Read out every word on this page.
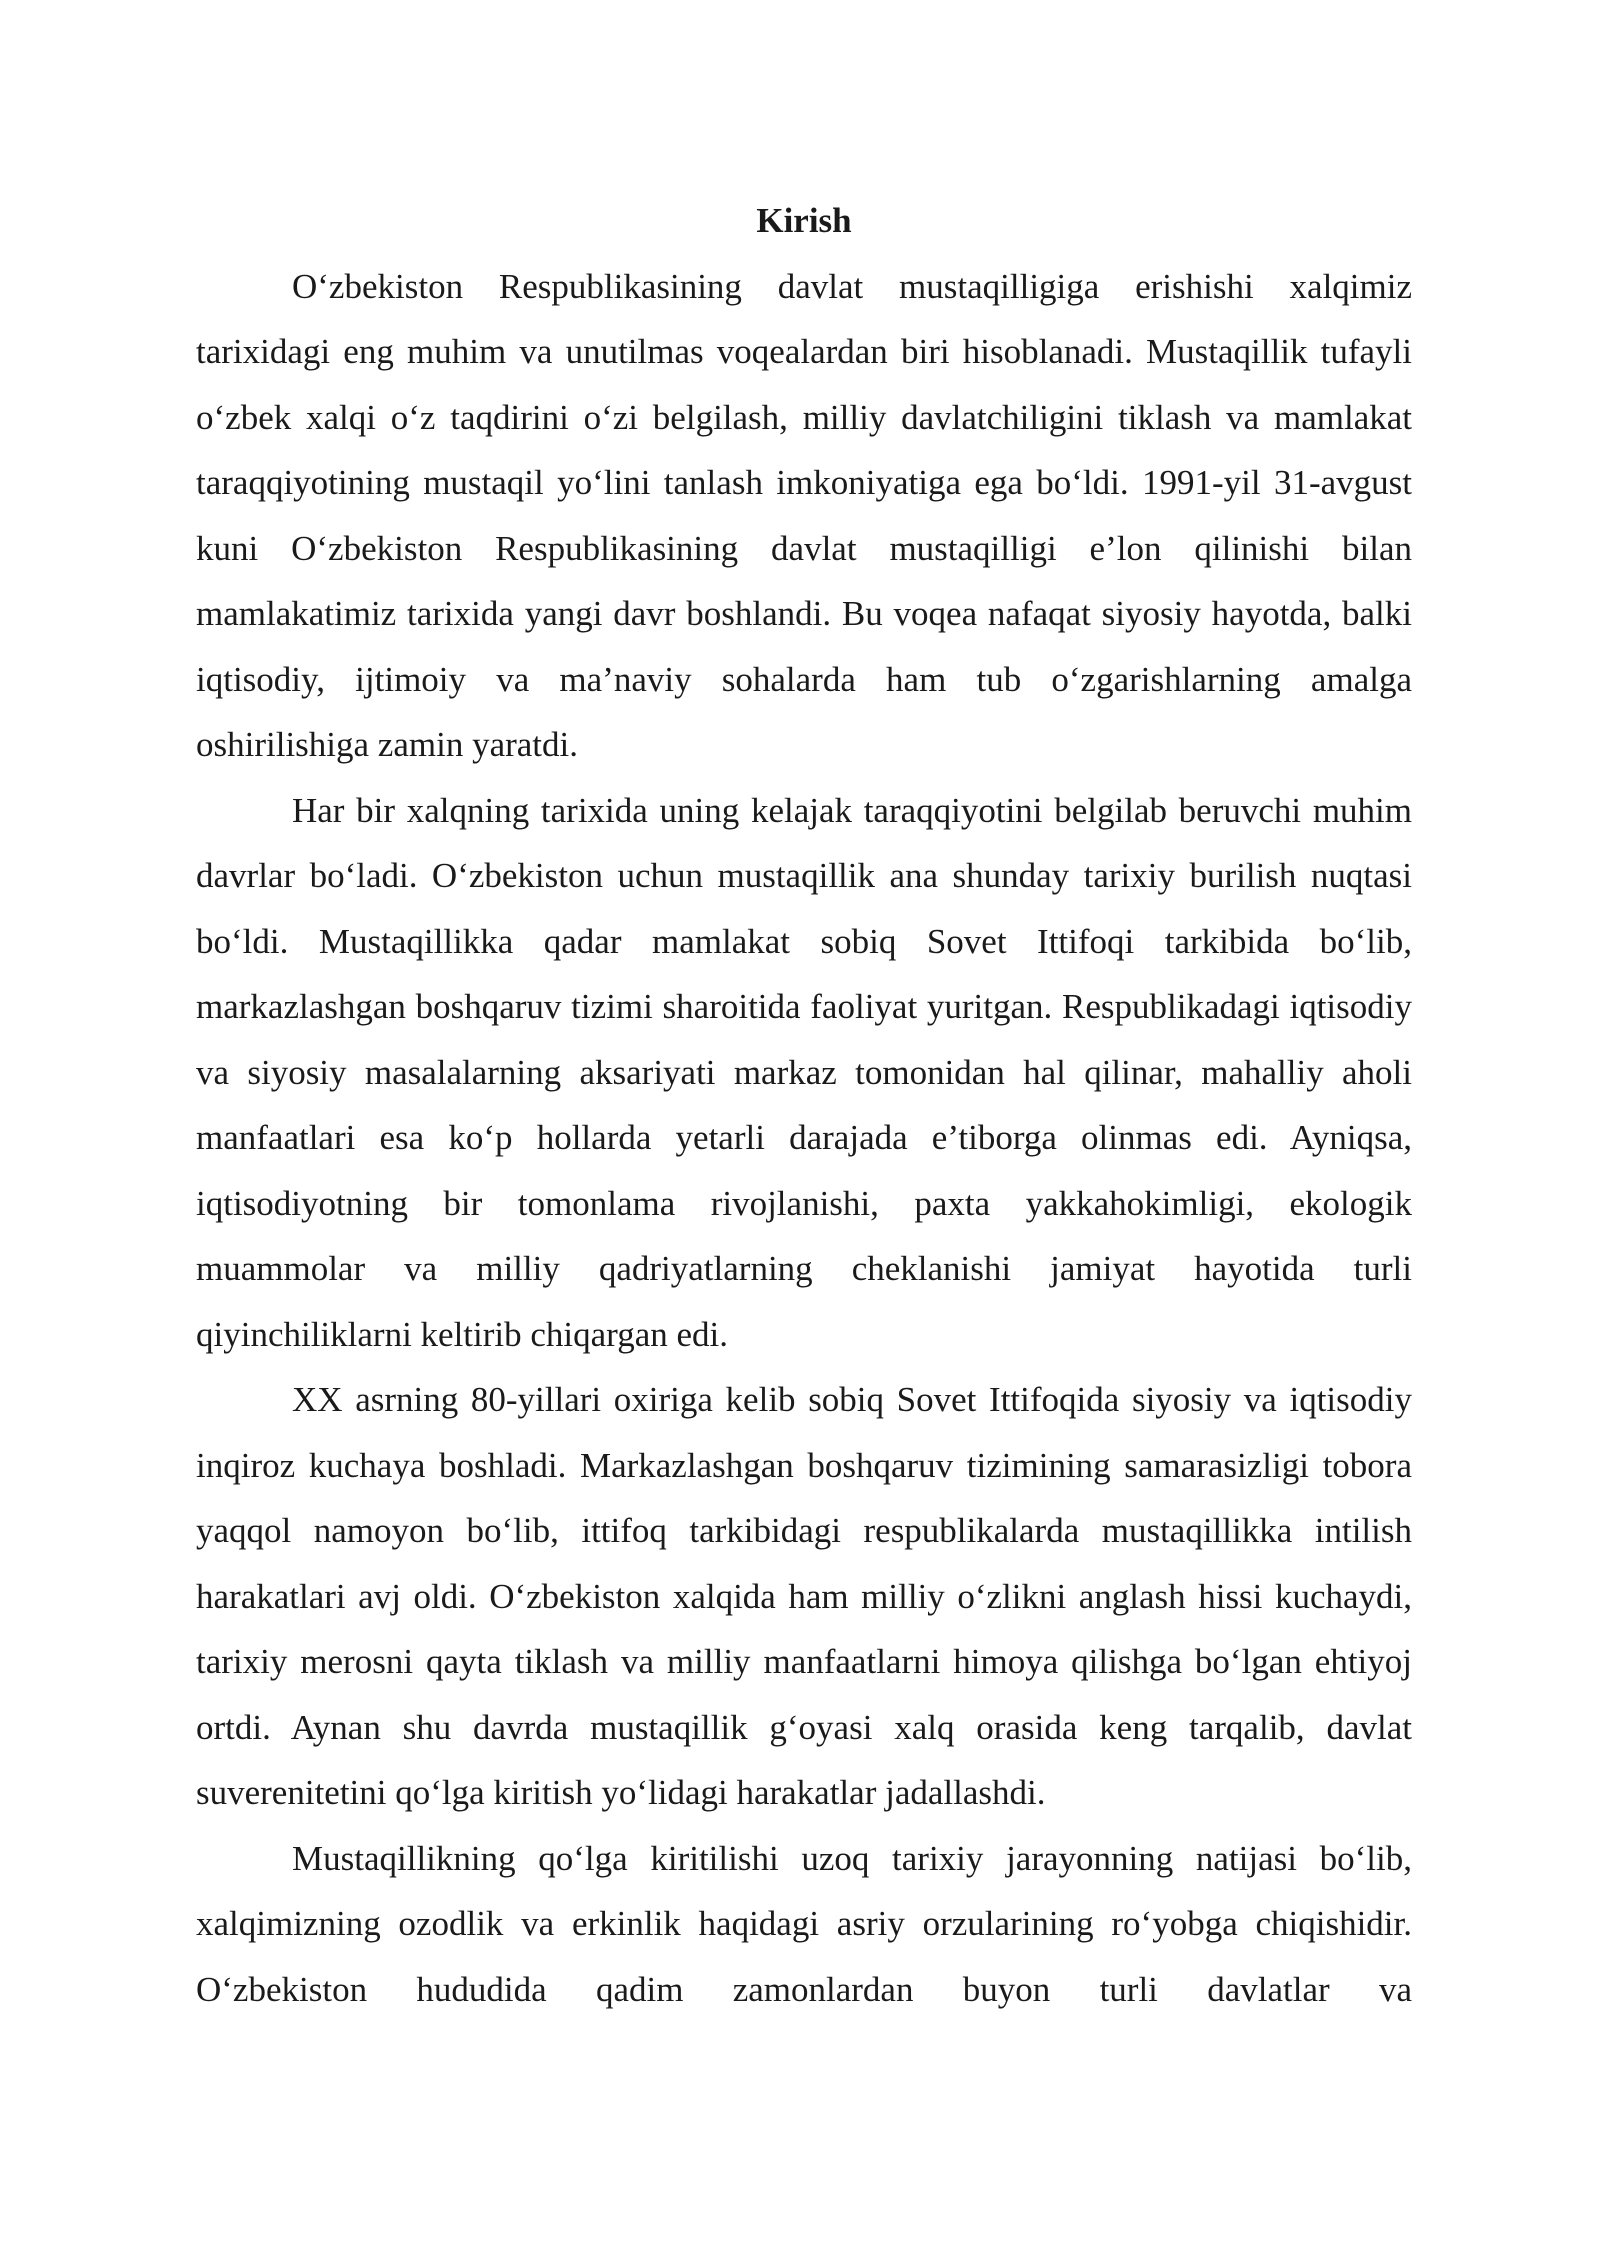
Kirish

O‘zbekiston Respublikasining davlat mustaqilligiga erishishi xalqimiz tarixidagi eng muhim va unutilmas voqealardan biri hisoblanadi. Mustaqillik tufayli o‘zbek xalqi o‘z taqdirini o‘zi belgilash, milliy davlatchiligini tiklash va mamlakat taraqqiyotining mustaqil yo‘lini tanlash imkoniyatiga ega bo‘ldi. 1991-yil 31-avgust kuni O‘zbekiston Respublikasining davlat mustaqilligi e’lon qilinishi bilan mamlakatimiz tarixida yangi davr boshlandi. Bu voqea nafaqat siyosiy hayotda, balki iqtisodiy, ijtimoiy va ma’naviy sohalarda ham tub o‘zgarishlarning amalga oshirilishiga zamin yaratdi.

Har bir xalqning tarixida uning kelajak taraqqiyotini belgilab beruvchi muhim davrlar bo‘ladi. O‘zbekiston uchun mustaqillik ana shunday tarixiy burilish nuqtasi bo‘ldi. Mustaqillikka qadar mamlakat sobiq Sovet Ittifoqi tarkibida bo‘lib, markazlashgan boshqaruv tizimi sharoitida faoliyat yuritgan. Respublikadagi iqtisodiy va siyosiy masalalarning aksariyati markaz tomonidan hal qilinar, mahalliy aholi manfaatlari esa ko‘p hollarda yetarli darajada e’tiborga olinmas edi. Ayniqsa, iqtisodiyotning bir tomonlama rivojlanishi, paxta yakkahokimligi, ekologik muammolar va milliy qadriyatlarning cheklanishi jamiyat hayotida turli qiyinchiliklarni keltirib chiqargan edi.

XX asrning 80-yillari oxiriga kelib sobiq Sovet Ittifoqida siyosiy va iqtisodiy inqiroz kuchaya boshladi. Markazlashgan boshqaruv tizimining samarasizligi tobora yaqqol namoyon bo‘lib, ittifoq tarkibidagi respublikalarda mustaqillikka intilish harakatlari avj oldi. O‘zbekiston xalqida ham milliy o‘zlikni anglash hissi kuchaydi, tarixiy merosni qayta tiklash va milliy manfaatlarni himoya qilishga bo‘lgan ehtiyoj ortdi. Aynan shu davrda mustaqillik g‘oyasi xalq orasida keng tarqalib, davlat suverenitetini qo‘lga kiritish yo‘lidagi harakatlar jadallashdi.

Mustaqillikning qo‘lga kiritilishi uzoq tarixiy jarayonning natijasi bo‘lib, xalqimizning ozodlik va erkinlik haqidagi asriy orzularining ro‘yobga chiqishidir. O‘zbekiston hududida qadim zamonlardan buyon turli davlatlar va
